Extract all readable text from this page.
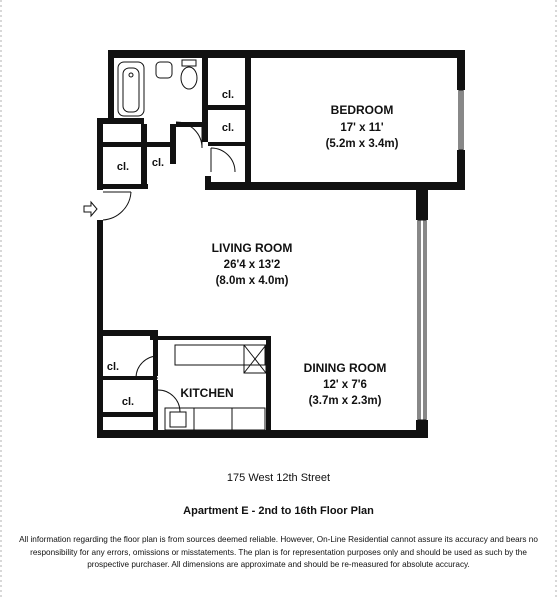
BEDROOM
17' x 11'
(5.2m x 3.4m)
LIVING ROOM
26'4 x 13'2
(8.0m x 4.0m)
DINING ROOM
12' x 7'6
(3.7m x 2.3m)
KITCHEN
cl.
cl.
cl. cl.
cl.
cl.
175 West 12th Street
Apartment E - 2nd to 16th Floor Plan
All information regarding the floor plan is from sources deemed reliable. However, On-Line Residential cannot assure its accuracy and bears no responsibility for any errors, omissions or misstatements. The plan is for representation purposes only and should be used as such by the prospective purchaser. All dimensions are approximate and should be re-measured for absolute accuracy.
